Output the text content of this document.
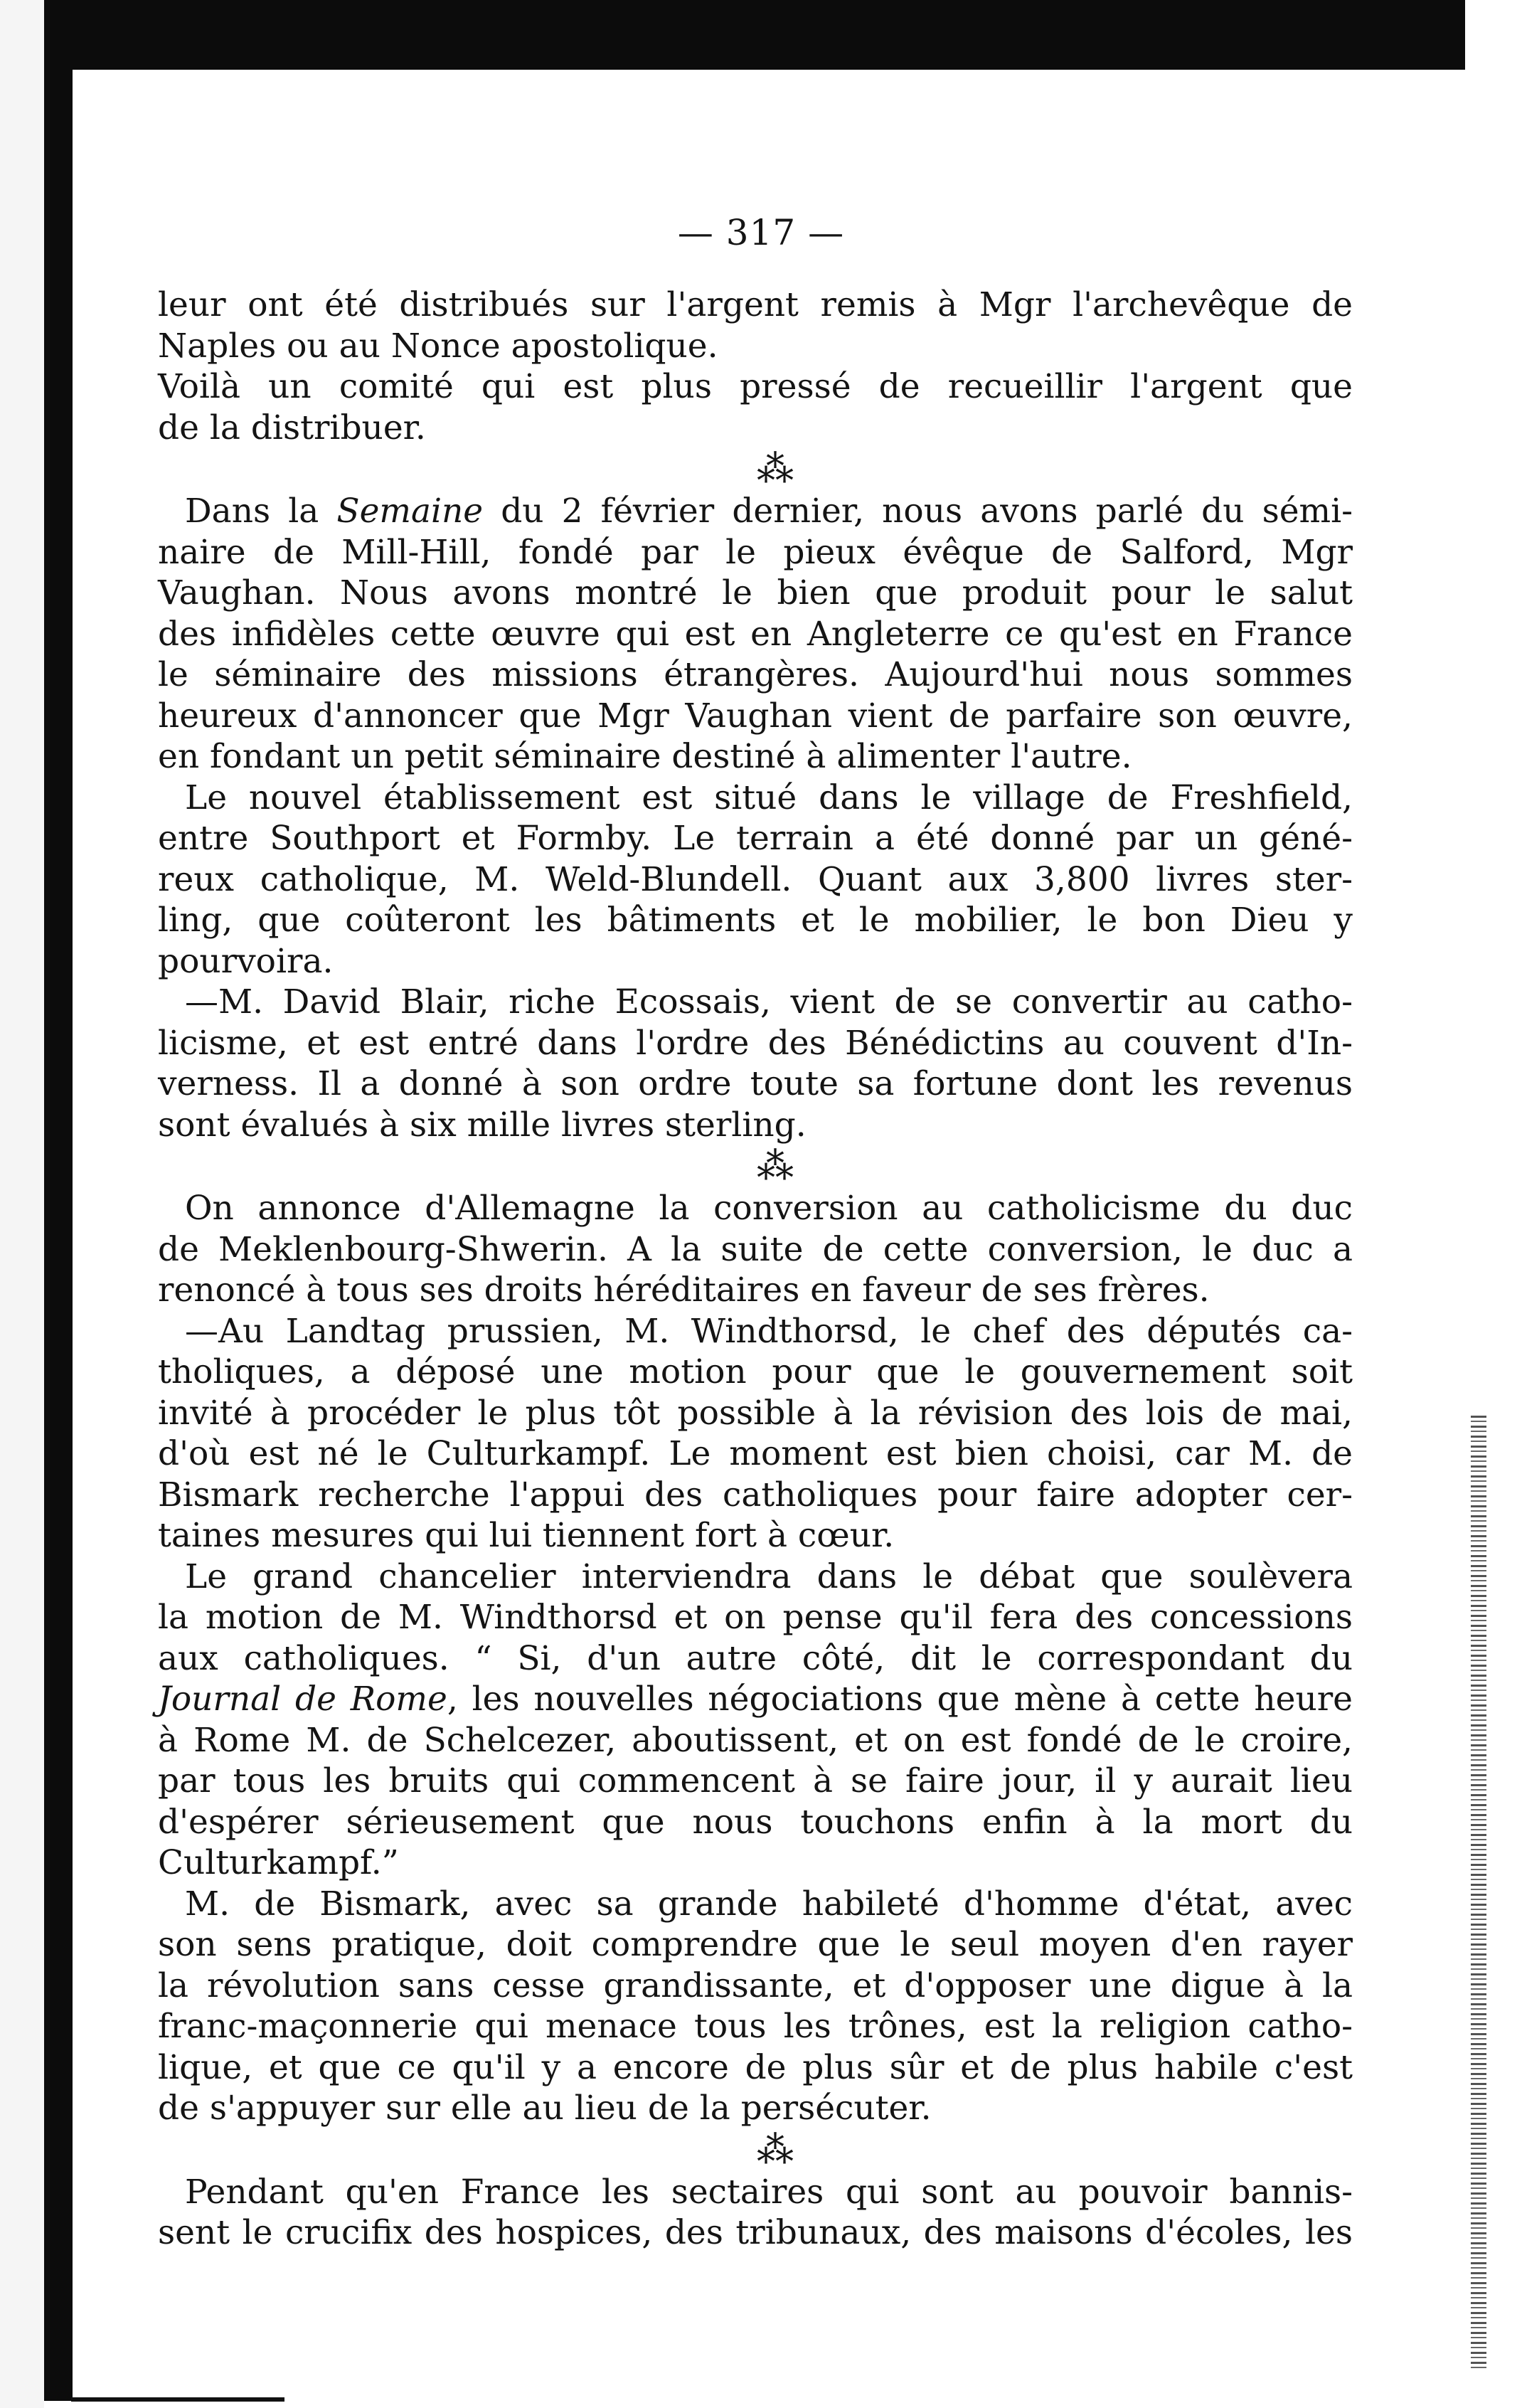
— 317 —
leur ont été distribués sur l'argent remis à Mgr l'archevêque de
Naples ou au Nonce apostolique.
Voilà un comité qui est plus pressé de recueillir l'argent que
de la distribuer.
⁂
Dans la Semaine du 2 février dernier, nous avons parlé du sémi-
naire de Mill-Hill, fondé par le pieux évêque de Salford, Mgr
Vaughan. Nous avons montré le bien que produit pour le salut
des infidèles cette œuvre qui est en Angleterre ce qu'est en France
le séminaire des missions étrangères. Aujourd'hui nous sommes
heureux d'annoncer que Mgr Vaughan vient de parfaire son œuvre,
en fondant un petit séminaire destiné à alimenter l'autre.
Le nouvel établissement est situé dans le village de Freshfield,
entre Southport et Formby. Le terrain a été donné par un géné-
reux catholique, M. Weld-Blundell. Quant aux 3,800 livres ster-
ling, que coûteront les bâtiments et le mobilier, le bon Dieu y
pourvoira.
—M. David Blair, riche Ecossais, vient de se convertir au catho-
licisme, et est entré dans l'ordre des Bénédictins au couvent d'In-
verness. Il a donné à son ordre toute sa fortune dont les revenus
sont évalués à six mille livres sterling.
⁂
On annonce d'Allemagne la conversion au catholicisme du duc
de Meklenbourg-Shwerin. A la suite de cette conversion, le duc a
renoncé à tous ses droits héréditaires en faveur de ses frères.
—Au Landtag prussien, M. Windthorsd, le chef des députés ca-
tholiques, a déposé une motion pour que le gouvernement soit
invité à procéder le plus tôt possible à la révision des lois de mai,
d'où est né le Culturkampf. Le moment est bien choisi, car M. de
Bismark recherche l'appui des catholiques pour faire adopter cer-
taines mesures qui lui tiennent fort à cœur.
Le grand chancelier interviendra dans le débat que soulèvera
la motion de M. Windthorsd et on pense qu'il fera des concessions
aux catholiques. “ Si, d'un autre côté, dit le correspondant du
Journal de Rome, les nouvelles négociations que mène à cette heure
à Rome M. de Schelcezer, aboutissent, et on est fondé de le croire,
par tous les bruits qui commencent à se faire jour, il y aurait lieu
d'espérer sérieusement que nous touchons enfin à la mort du
Culturkampf.”
M. de Bismark, avec sa grande habileté d'homme d'état, avec
son sens pratique, doit comprendre que le seul moyen d'en rayer
la révolution sans cesse grandissante, et d'opposer une digue à la
franc-maçonnerie qui menace tous les trônes, est la religion catho-
lique, et que ce qu'il y a encore de plus sûr et de plus habile c'est
de s'appuyer sur elle au lieu de la persécuter.
⁂
Pendant qu'en France les sectaires qui sont au pouvoir bannis-
sent le crucifix des hospices, des tribunaux, des maisons d'écoles, les
